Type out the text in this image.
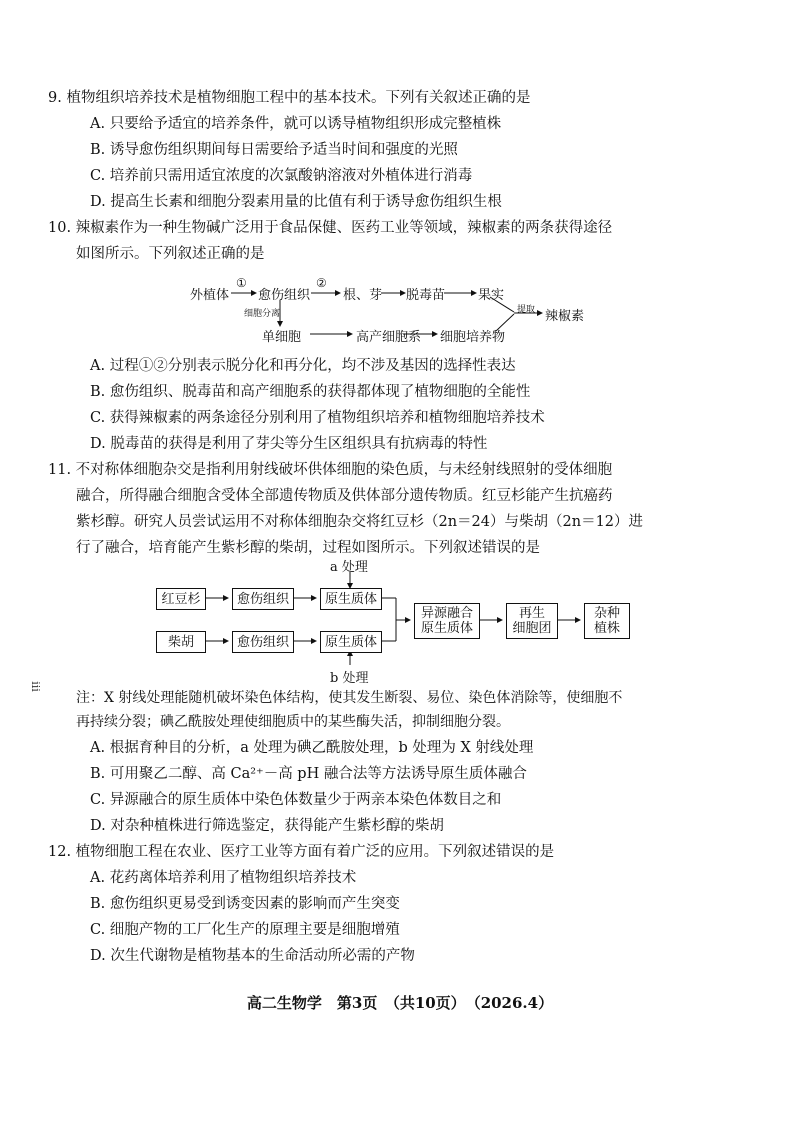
9. 植物组织培养技术是植物细胞工程中的基本技术。下列有关叙述正确的是
A. 只要给予适宜的培养条件，就可以诱导植物组织形成完整植株
B. 诱导愈伤组织期间每日需要给予适当时间和强度的光照
C. 培养前只需用适宜浓度的次氯酸钠溶液对外植体进行消毒
D. 提高生长素和细胞分裂素用量的比值有利于诱导愈伤组织生根
10. 辣椒素作为一种生物碱广泛用于食品保健、医药工业等领域，辣椒素的两条获得途径
如图所示。下列叙述正确的是
外植体
①
愈伤组织
②
根、芽 脱毒苗	果实
细胞分离
单细胞	高产细胞系 细胞培养物
提取 辣椒素
A. 过程①②分别表示脱分化和再分化，均不涉及基因的选择性表达
B. 愈伤组织、脱毒苗和高产细胞系的获得都体现了植物细胞的全能性
C. 获得辣椒素的两条途径分别利用了植物组织培养和植物细胞培养技术
D. 脱毒苗的获得是利用了芽尖等分生区组织具有抗病毒的特性
11. 不对称体细胞杂交是指利用射线破坏供体细胞的染色质，与未经射线照射的受体细胞
融合，所得融合细胞含受体全部遗传物质及供体部分遗传物质。红豆杉能产生抗癌药
紫杉醇。研究人员尝试运用不对称体细胞杂交将红豆杉（2n＝24）与柴胡（2n＝12）进
行了融合，培育能产生紫杉醇的柴胡，过程如图所示。下列叙述错误的是
a 处理
b 处理
红豆杉	愈伤组织	原生质体
柴胡	愈伤组织	原生质体
异源融合
原生质体
再生
细胞团
杂种
植株
ⅲ
注：X 射线处理能随机破坏染色体结构，使其发生断裂、易位、染色体消除等，使细胞不
再持续分裂；碘乙酰胺处理使细胞质中的某些酶失活，抑制细胞分裂。
A. 根据育种目的分析，a 处理为碘乙酰胺处理，b 处理为 X 射线处理
B. 可用聚乙二醇、高 Ca²⁺－高 pH 融合法等方法诱导原生质体融合
C. 异源融合的原生质体中染色体数量少于两亲本染色体数目之和
D. 对杂种植株进行筛选鉴定，获得能产生紫杉醇的柴胡
12. 植物细胞工程在农业、医疗工业等方面有着广泛的应用。下列叙述错误的是
A. 花药离体培养利用了植物组织培养技术
B. 愈伤组织更易受到诱变因素的影响而产生突变
C. 细胞产物的工厂化生产的原理主要是细胞增殖
D. 次生代谢物是植物基本的生命活动所必需的产物
高二生物学　第3页　（共10页）　（2026.4）
